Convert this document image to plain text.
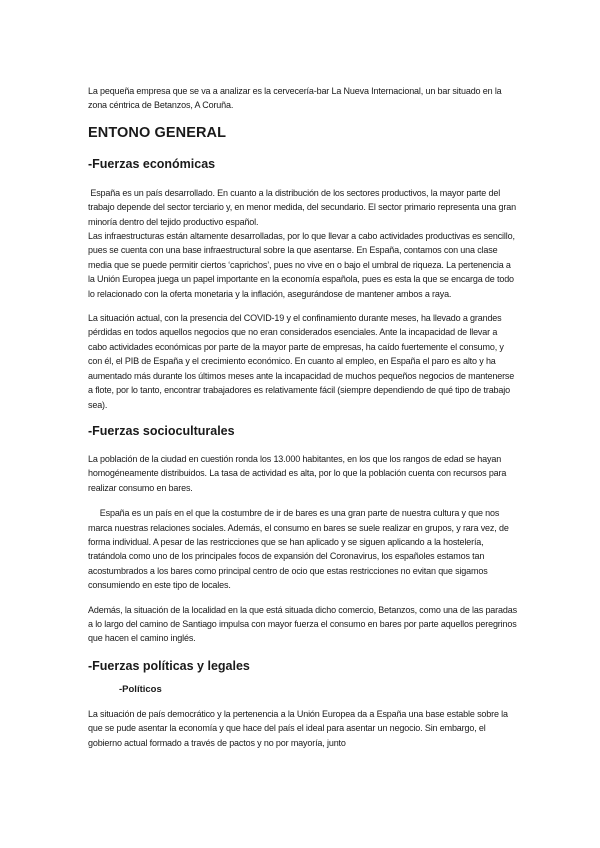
La pequeña empresa que se va a analizar es la cervecería-bar La Nueva Internacional, un bar situado en la zona céntrica de Betanzos, A Coruña.

ENTONO GENERAL
-Fuerzas económicas

España es un país desarrollado. En cuanto a la distribución de los sectores productivos, la mayor parte del trabajo depende del sector terciario y, en menor medida, del secundario. El sector primario representa una gran minoría dentro del tejido productivo español.

Las infraestructuras están altamente desarrolladas, por lo que llevar a cabo actividades productivas es sencillo, pues se cuenta con una base infraestructural sobre la que asentarse. En España, contamos con una clase media que se puede permitir ciertos ‘caprichos’, pues no vive en o bajo el umbral de riqueza. La pertenencia a la Unión Europea juega un papel importante en la economía española, pues es esta la que se encarga de todo lo relacionado con la oferta monetaria y la inflación, asegurándose de mantener ambos a raya.

La situación actual, con la presencia del COVID-19 y el confinamiento durante meses, ha llevado a grandes pérdidas en todos aquellos negocios que no eran considerados esenciales. Ante la incapacidad de llevar a cabo actividades económicas por parte de la mayor parte de empresas, ha caído fuertemente el consumo, y con él, el PIB de España y el crecimiento económico. En cuanto al empleo, en España el paro es alto y ha aumentado más durante los últimos meses ante la incapacidad de muchos pequeños negocios de mantenerse a flote, por lo tanto, encontrar trabajadores es relativamente fácil (siempre dependiendo de qué tipo de trabajo sea).

-Fuerzas socioculturales

La población de la ciudad en cuestión ronda los 13.000 habitantes, en los que los rangos de edad se hayan homogéneamente distribuidos. La tasa de actividad es alta, por lo que la población cuenta con recursos para realizar consumo en bares.

España es un país en el que la costumbre de ir de bares es una gran parte de nuestra cultura y que nos marca nuestras relaciones sociales. Además, el consumo en bares se suele realizar en grupos, y rara vez, de forma individual. A pesar de las restricciones que se han aplicado y se siguen aplicando a la hostelería, tratándola como uno de los principales focos de expansión del Coronavirus, los españoles estamos tan acostumbrados a los bares como principal centro de ocio que estas restricciones no evitan que sigamos consumiendo en este tipo de locales.

Además, la situación de la localidad en la que está situada dicho comercio, Betanzos, como una de las paradas a lo largo del camino de Santiago impulsa con mayor fuerza el consumo en bares por parte aquellos peregrinos que hacen el camino inglés.

-Fuerzas políticas y legales
-Políticos

La situación de país democrático y la pertenencia a la Unión Europea da a España una base estable sobre la que se pude asentar la economía y que hace del país el ideal para asentar un negocio. Sin embargo, el gobierno actual formado a través de pactos y no por mayoría, junto
